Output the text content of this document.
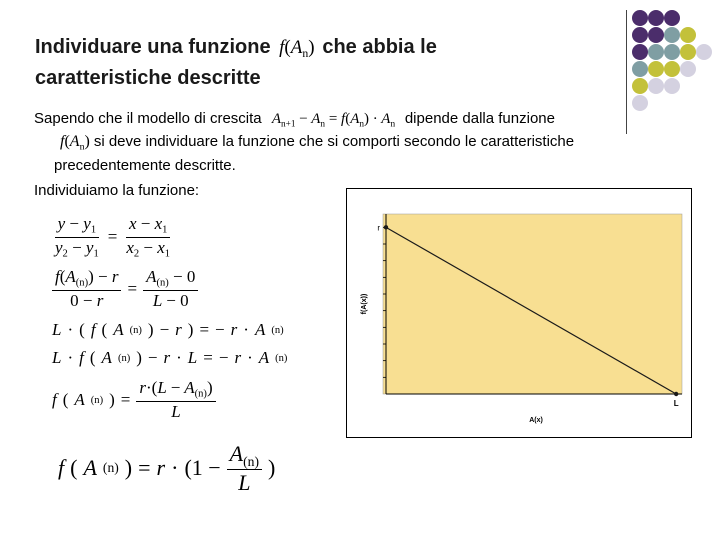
Individuare una funzione $f(A_n)$ che abbia le
caratteristiche descritte
Sapendo che il modello di crescita $A_{n+1} - A_n = f(A_n) \cdot A_n$ dipende dalla funzione
$f(A_n)$ si deve individuare la funzione che si comporti secondo le caratteristiche
precedentemente descritte.
Individuiamo la funzione:
$\frac{y - y_1}{y_2 - y_1} = \frac{x - x_1}{x_2 - x_1}$
$\frac{f(A_{(n)}) - r}{0 - r} = \frac{A_{(n)} - 0}{L - 0}$
L · ( f ( A (n) ) − r ) = − r · A (n)
L · f ( A (n) ) − r · L = − r · A (n)
f ( A (n) ) = $\frac{r\cdot(L - A_{(n)})}{L}$
f ( A (n) ) = $r \cdot (1 - \frac{A_{(n)}}{L}$ )
r
L
A(x)
f(A(x))
